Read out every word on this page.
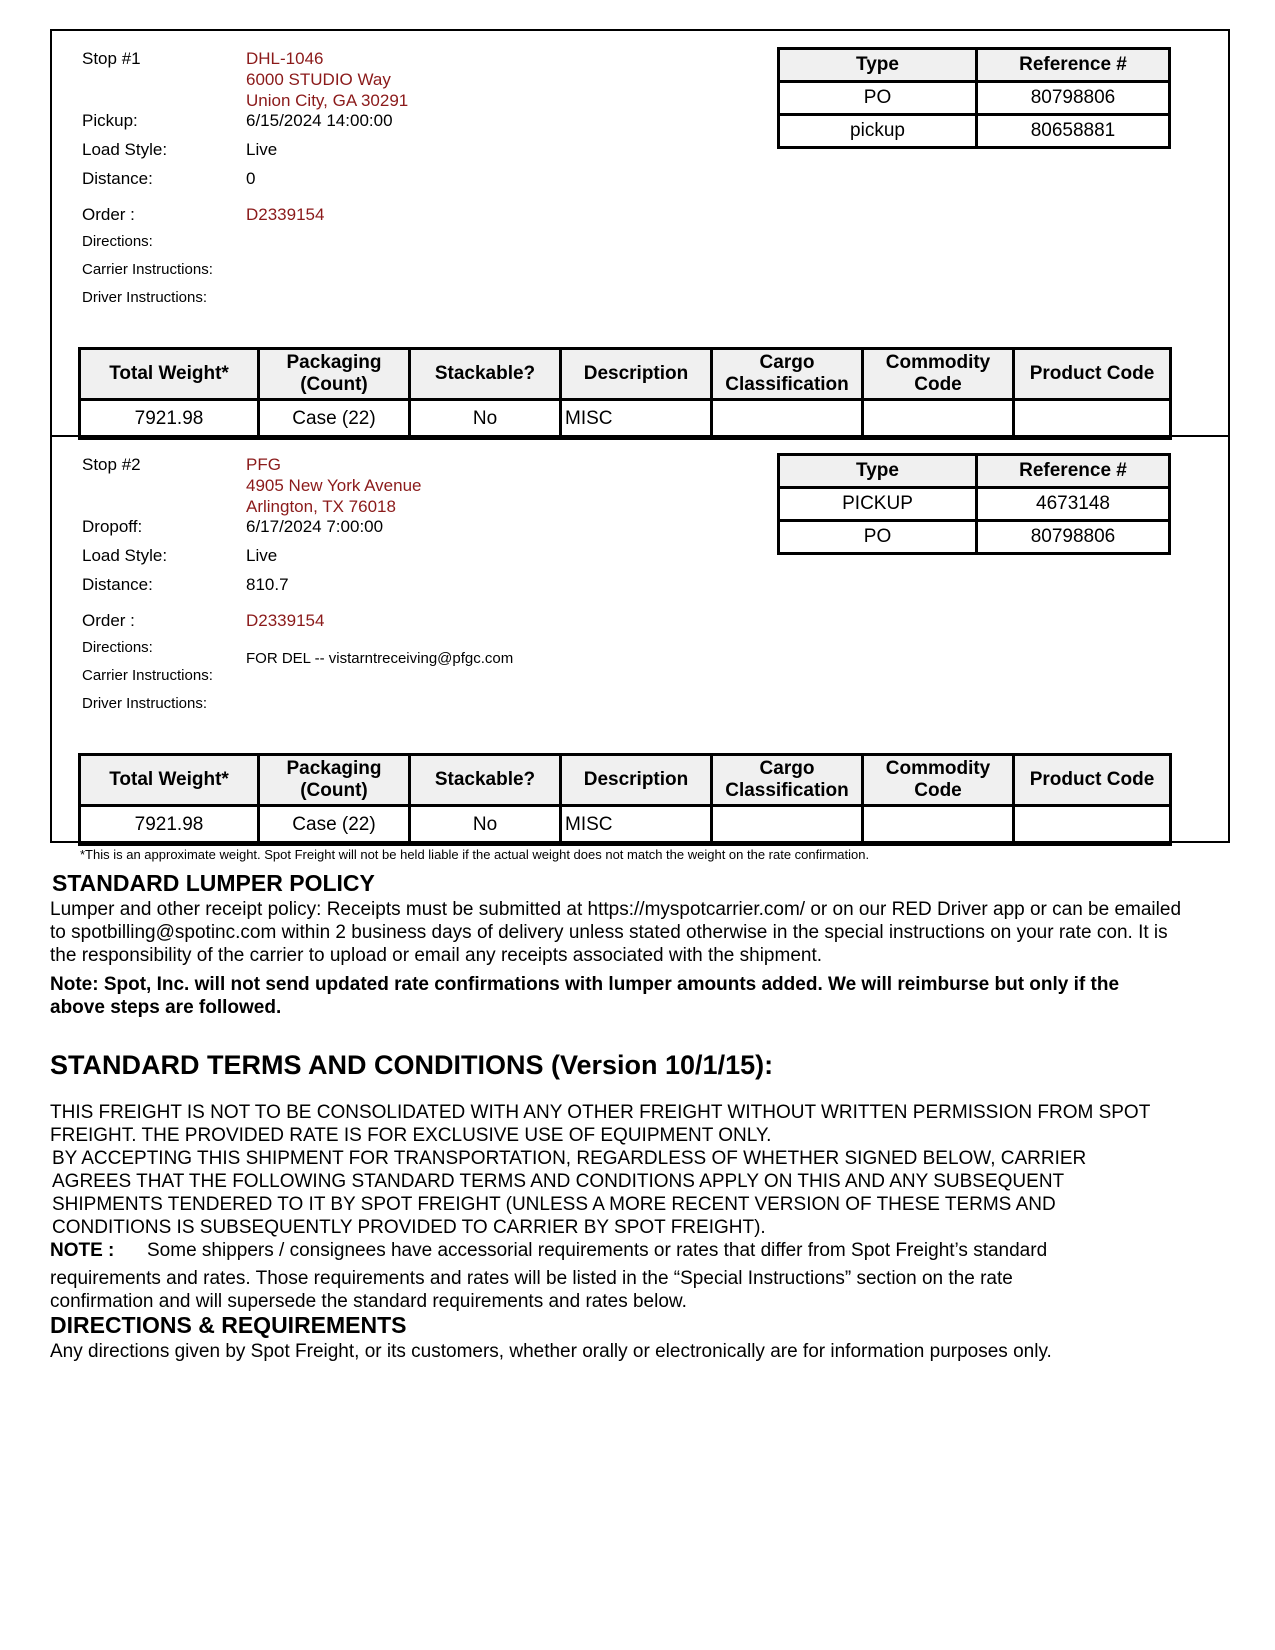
Stop #1	DHL-1046
6000 STUDIO Way
Union City, GA 30291
Pickup:	6/15/2024 14:00:00
Load Style:	Live
Distance:	0
Order :	D2339154
Directions:
Carrier Instructions:
Driver Instructions:
Type	Reference #
PO	80798806
pickup	80658881
Total Weight*	Packaging (Count)	Stackable?	Description	Cargo Classification	Commodity Code	Product Code
7921.98	Case (22)	No	MISC			
Stop #2	PFG
4905 New York Avenue
Arlington, TX 76018
Dropoff:	6/17/2024 7:00:00
Load Style:	Live
Distance:	810.7
Order :	D2339154
Directions:
FOR DEL -- vistarntreceiving@pfgc.com
Carrier Instructions:
Driver Instructions:
Type	Reference #
PICKUP	4673148
PO	80798806
Total Weight*	Packaging (Count)	Stackable?	Description	Cargo Classification	Commodity Code	Product Code
7921.98	Case (22)	No	MISC			
*This is an approximate weight. Spot Freight will not be held liable if the actual weight does not match the weight on the rate confirmation.
STANDARD LUMPER POLICY
Lumper and other receipt policy: Receipts must be submitted at https://myspotcarrier.com/ or on our RED Driver app or can be emailed to spotbilling@spotinc.com within 2 business days of delivery unless stated otherwise in the special instructions on your rate con. It is the responsibility of the carrier to upload or email any receipts associated with the shipment.
Note: Spot, Inc. will not send updated rate confirmations with lumper amounts added. We will reimburse but only if the above steps are followed.
STANDARD TERMS AND CONDITIONS (Version 10/1/15):
THIS FREIGHT IS NOT TO BE CONSOLIDATED WITH ANY OTHER FREIGHT WITHOUT WRITTEN PERMISSION FROM SPOT FREIGHT. THE PROVIDED RATE IS FOR EXCLUSIVE USE OF EQUIPMENT ONLY.
BY ACCEPTING THIS SHIPMENT FOR TRANSPORTATION, REGARDLESS OF WHETHER SIGNED BELOW, CARRIER AGREES THAT THE FOLLOWING STANDARD TERMS AND CONDITIONS APPLY ON THIS AND ANY SUBSEQUENT SHIPMENTS TENDERED TO IT BY SPOT FREIGHT (UNLESS A MORE RECENT VERSION OF THESE TERMS AND CONDITIONS IS SUBSEQUENTLY PROVIDED TO CARRIER BY SPOT FREIGHT).
NOTE : Some shippers / consignees have accessorial requirements or rates that differ from Spot Freight’s standard
requirements and rates. Those requirements and rates will be listed in the “Special Instructions” section on the rate confirmation and will supersede the standard requirements and rates below.
DIRECTIONS & REQUIREMENTS
Any directions given by Spot Freight, or its customers, whether orally or electronically are for information purposes only.
